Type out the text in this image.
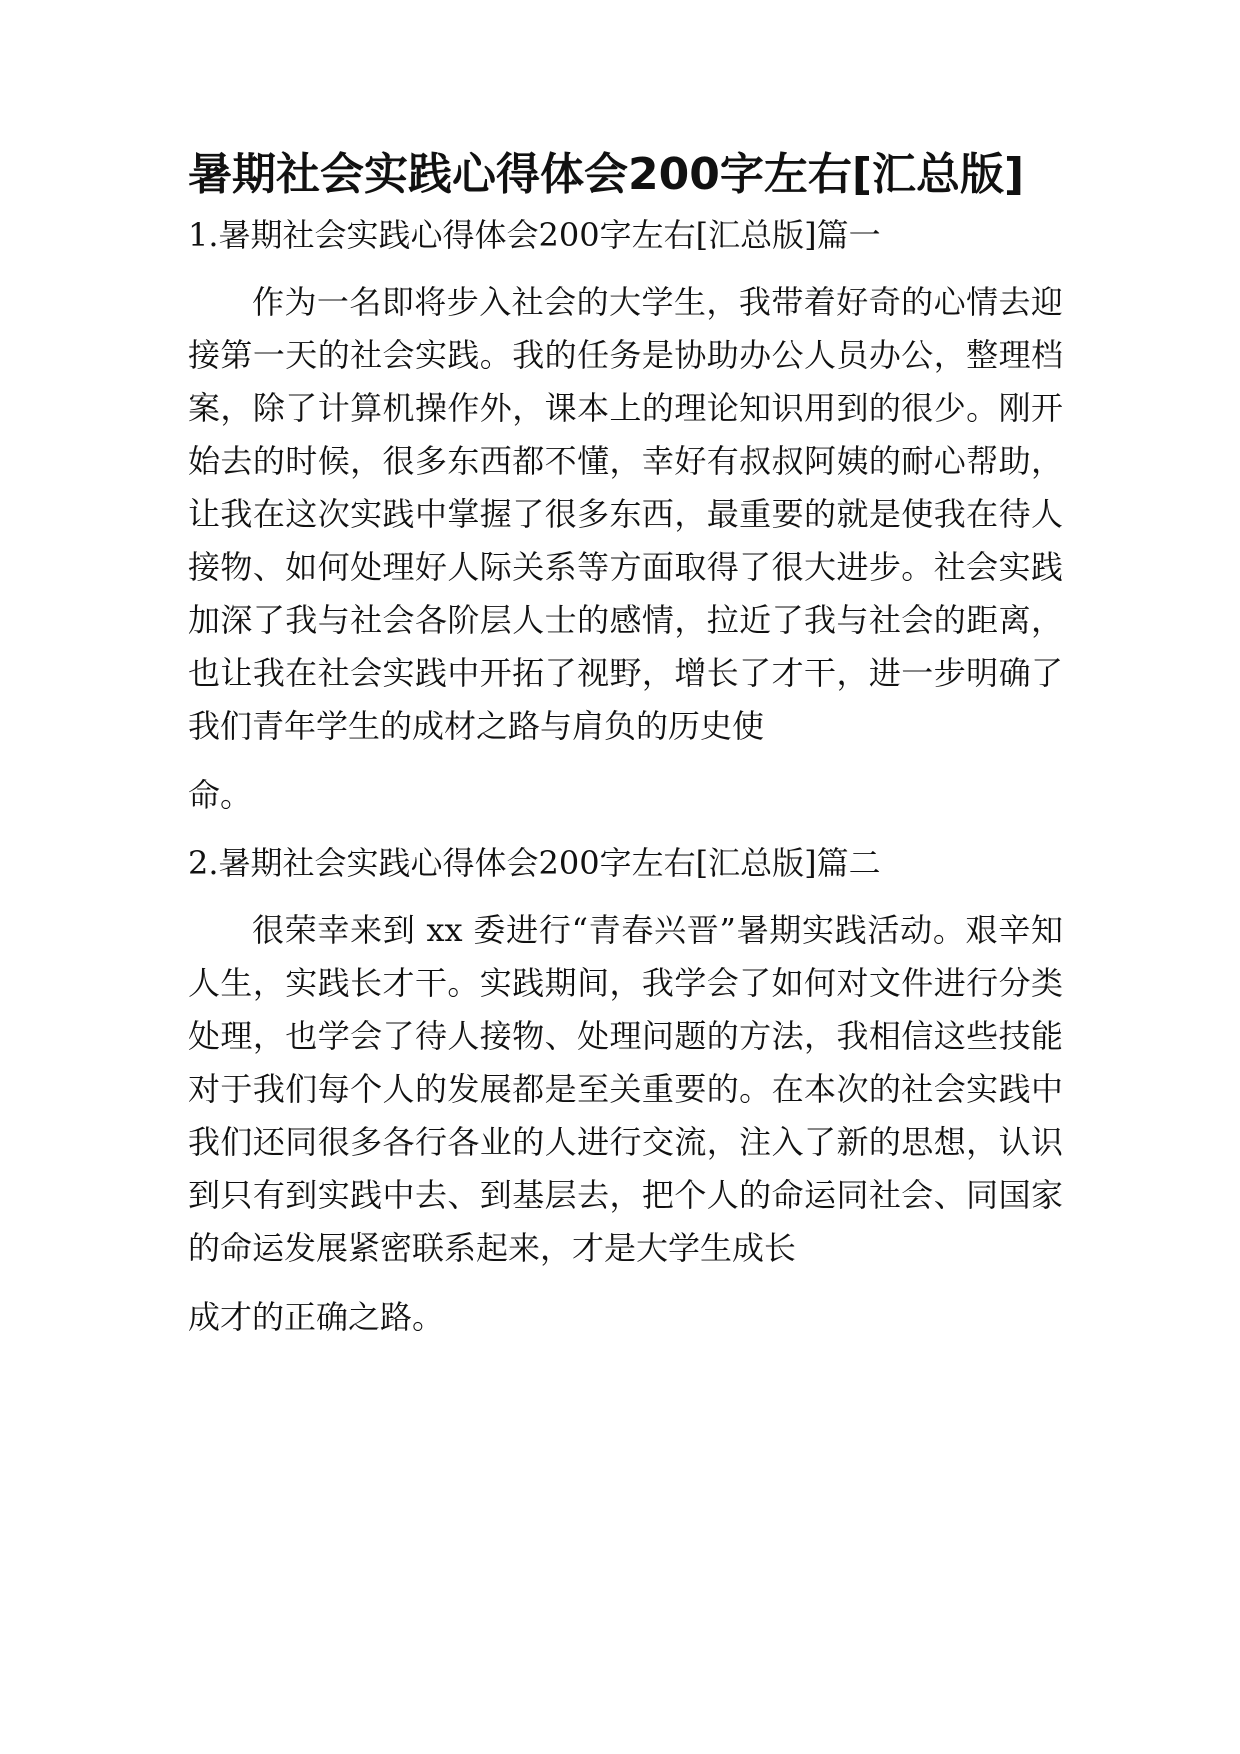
暑期社会实践心得体会200字左右[汇总版]

1.暑期社会实践心得体会200字左右[汇总版]篇一

作为一名即将步入社会的大学生，我带着好奇的心情去迎接第一天的社会实践。我的任务是协助办公人员办公，整理档案，除了计算机操作外，课本上的理论知识用到的很少。刚开始去的时候，很多东西都不懂，幸好有叔叔阿姨的耐心帮助，让我在这次实践中掌握了很多东西，最重要的就是使我在待人接物、如何处理好人际关系等方面取得了很大进步。社会实践加深了我与社会各阶层人士的感情，拉近了我与社会的距离，也让我在社会实践中开拓了视野，增长了才干，进一步明确了我们青年学生的成材之路与肩负的历史使
命。

2.暑期社会实践心得体会200字左右[汇总版]篇二

很荣幸来到 xx 委进行“青春兴晋”暑期实践活动。艰辛知人生，实践长才干。实践期间，我学会了如何对文件进行分类处理，也学会了待人接物、处理问题的方法，我相信这些技能对于我们每个人的发展都是至关重要的。在本次的社会实践中我们还同很多各行各业的人进行交流，注入了新的思想，认识到只有到实践中去、到基层去，把个人的命运同社会、同国家的命运发展紧密联系起来，才是大学生成长
成才的正确之路。
